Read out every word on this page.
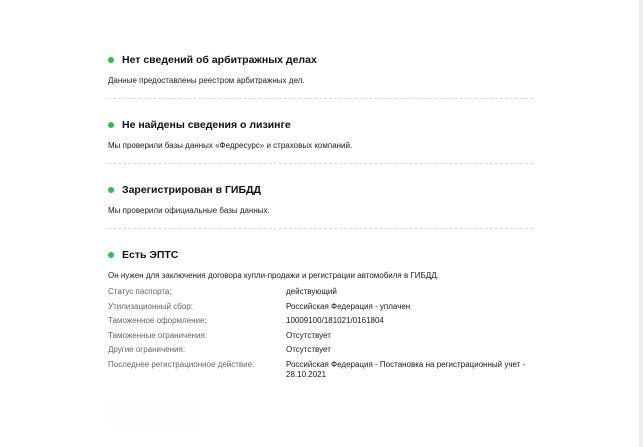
Нет сведений об арбитражных делах
Данные предоставлены реестром арбитражных дел.
Не найдены сведения о лизинге
Мы проверили базы данных «Федресурс» и страховых компаний.
Зарегистрирован в ГИБДД
Мы проверили официальные базы данных.
Есть ЭПТС
Он нужен для заключения договора купли-продажи и регистрации автомобиля в ГИБДД.
Статус паспорта:	действующий
Утилизационный сбор:	Российская Федерация - уплачен
Таможенное оформление:	10009100/181021/0161804
Таможенные ограничения:	Отсутствует
Другие ограничения:	Отсутствует
Последнее регистрационное действие:	Российская Федерация - Постановка на регистрационный учет - 28.10.2021
